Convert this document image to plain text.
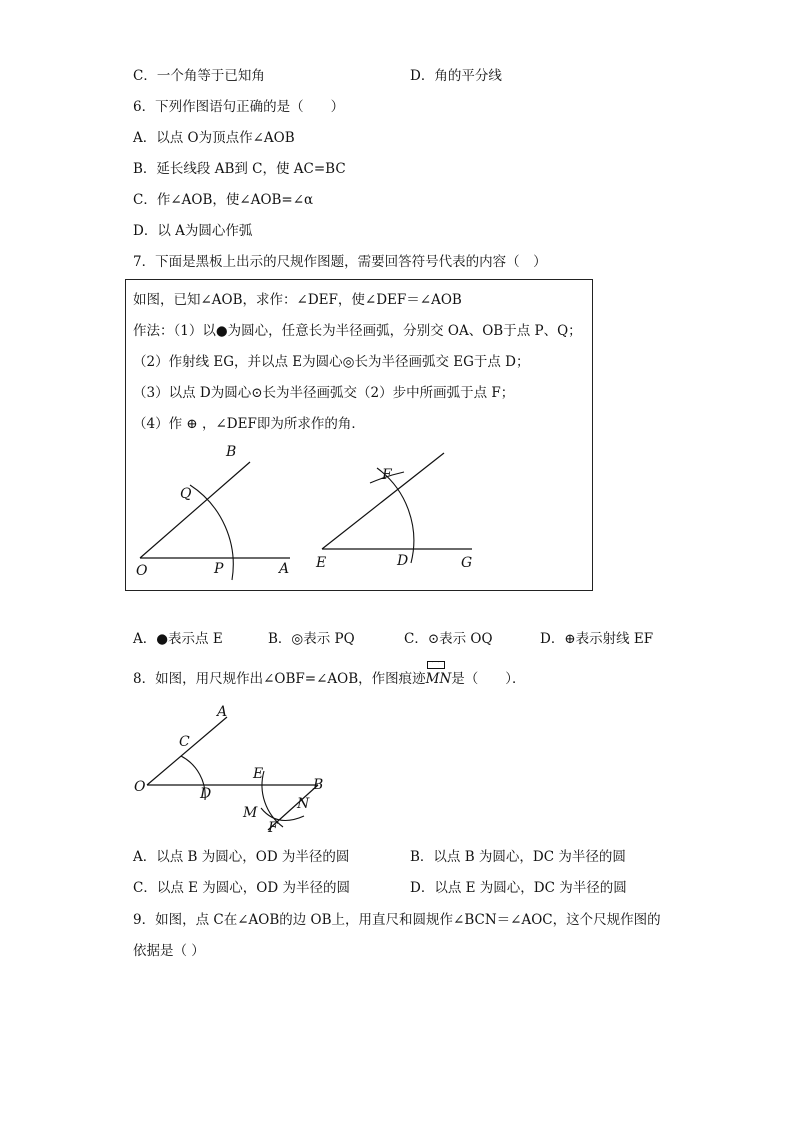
C．一个角等于已知角	D．角的平分线
6．下列作图语句正确的是（　　）
A．以点 O为顶点作∠AOB
B．延长线段 AB到 C，使 AC=BC
C．作∠AOB，使∠AOB=∠α
D．以 A为圆心作弧
7．下面是黑板上出示的尺规作图题，需要回答符号代表的内容（　）
如图，已知∠AOB，求作：∠DEF，使∠DEF＝∠AOB
作法：（1）以●为圆心，任意长为半径画弧，分别交 OA、OB于点 P、Q；
（2）作射线 EG，并以点 E为圆心◎长为半径画弧交 EG于点 D；
（3）以点 D为圆心⊙长为半径画弧交（2）步中所画弧于点 F；
（4）作 ⊕ ，∠DEF即为所求作的角．
B
Q
O	P	A
F
E	D	G
A．●表示点 E	B．◎表示 PQ	C．⊙表示 OQ	D．⊕表示射线 EF
8．如图，用尺规作出∠OBF=∠AOB，作图痕迹
⌒
MN是（　　）．
A
C
O	D
E
B
M
N
F
A．以点 B 为圆心，OD 为半径的圆	B．以点 B 为圆心，DC 为半径的圆
C．以点 E 为圆心，OD 为半径的圆	D．以点 E 为圆心，DC 为半径的圆
9．如图，点 C在∠AOB的边 OB上，用直尺和圆规作∠BCN＝∠AOC，这个尺规作图的
依据是（ ）
